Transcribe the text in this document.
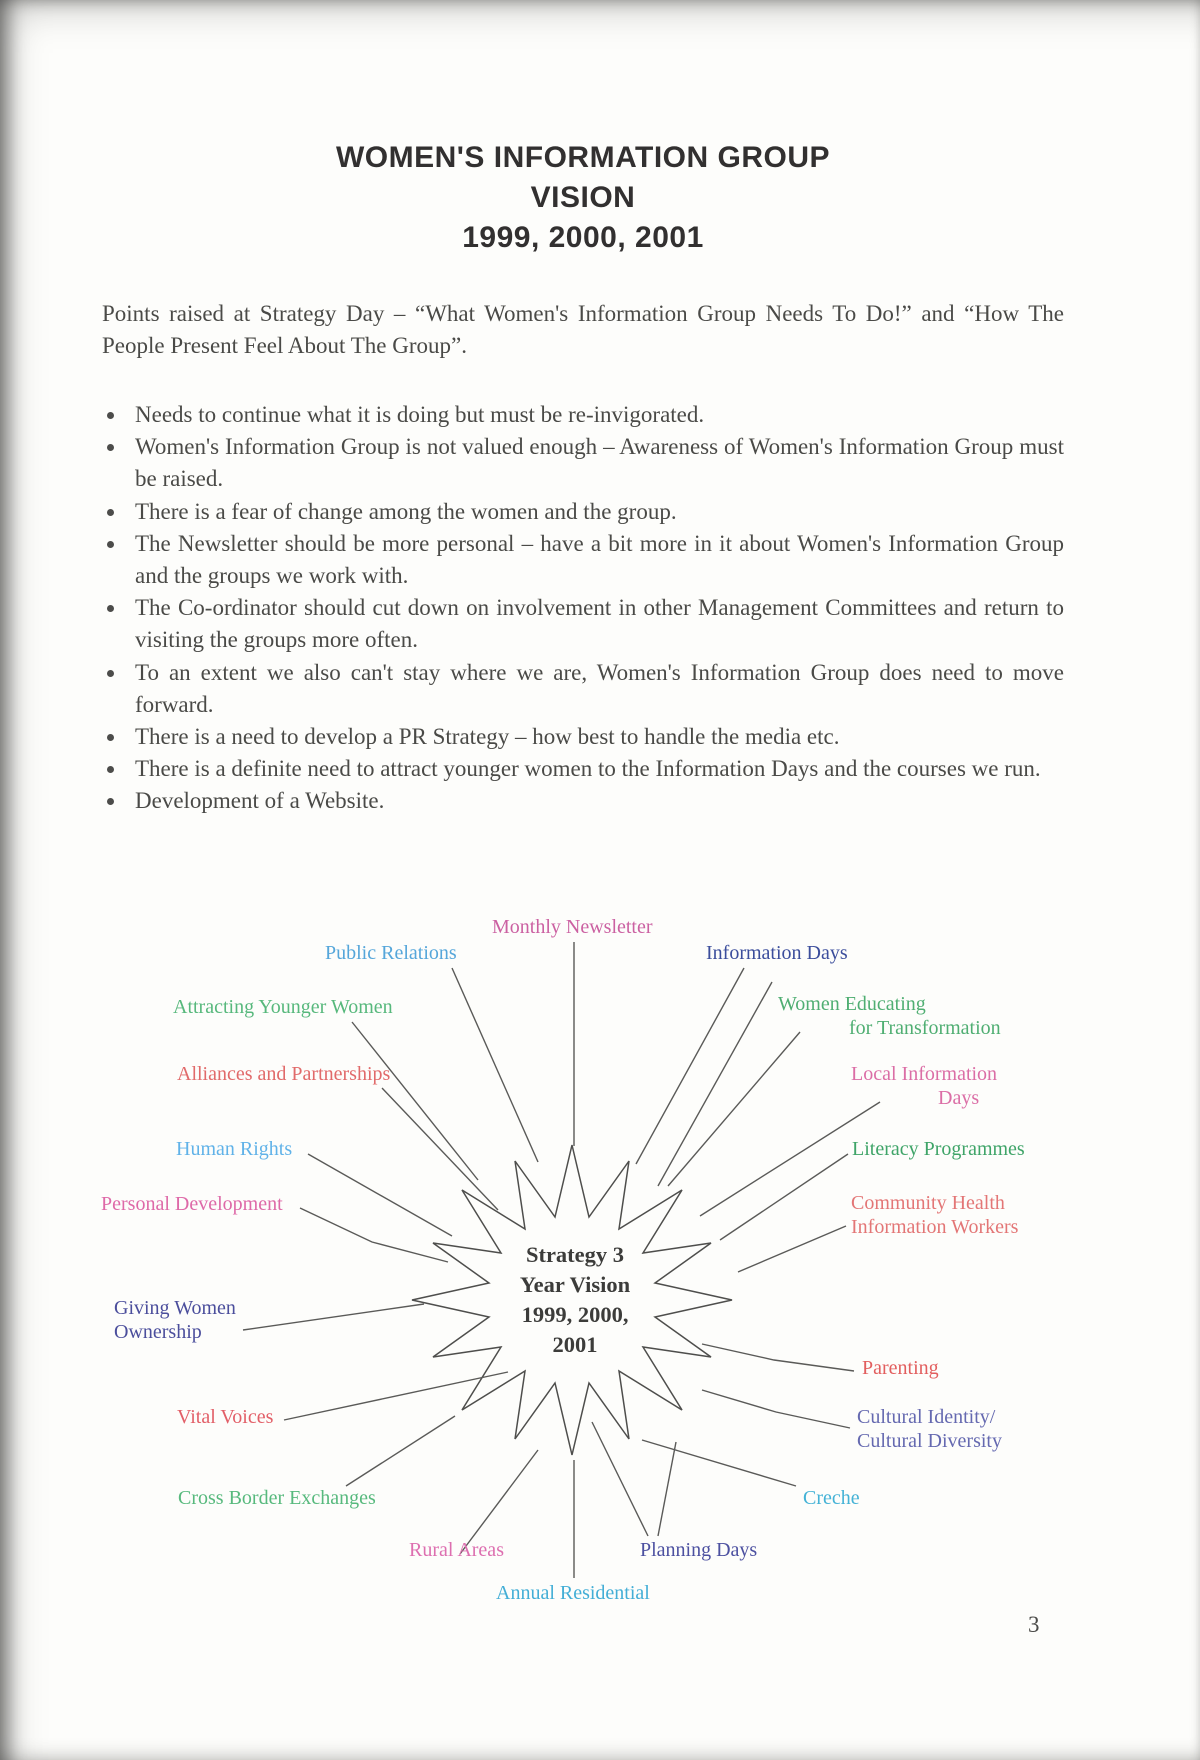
WOMEN'S INFORMATION GROUP
VISION
1999, 2000, 2001

Points raised at Strategy Day – “What Women's Information Group Needs To Do!” and “How The People Present Feel About The Group”.

Needs to continue what it is doing but must be re-invigorated.
Women's Information Group is not valued enough – Awareness of Women's Information Group must be raised.
There is a fear of change among the women and the group.
The Newsletter should be more personal – have a bit more in it about Women's Information Group and the groups we work with.
The Co-ordinator should cut down on involvement in other Management Committees and return to visiting the groups more often.
To an extent we also can't stay where we are, Women's Information Group does need to move forward.
There is a need to develop a PR Strategy – how best to handle the media etc.
There is a definite need to attract younger women to the Information Days and the courses we run.
Development of a Website.
Strategy 3
Year Vision
1999, 2000,
2001
Monthly Newsletter
Public Relations	Information Days
Attracting Younger Women	Women Educating
for Transformation
Alliances and Partnerships	Local Information
Days
Human Rights	Literacy Programmes
Personal Development	Community Health
Information Workers
Giving Women
Ownership
Parenting
Vital Voices	Cultural Identity/
Cultural Diversity
Cross Border Exchanges	Creche
Rural Areas	Planning Days
Annual Residential
3
